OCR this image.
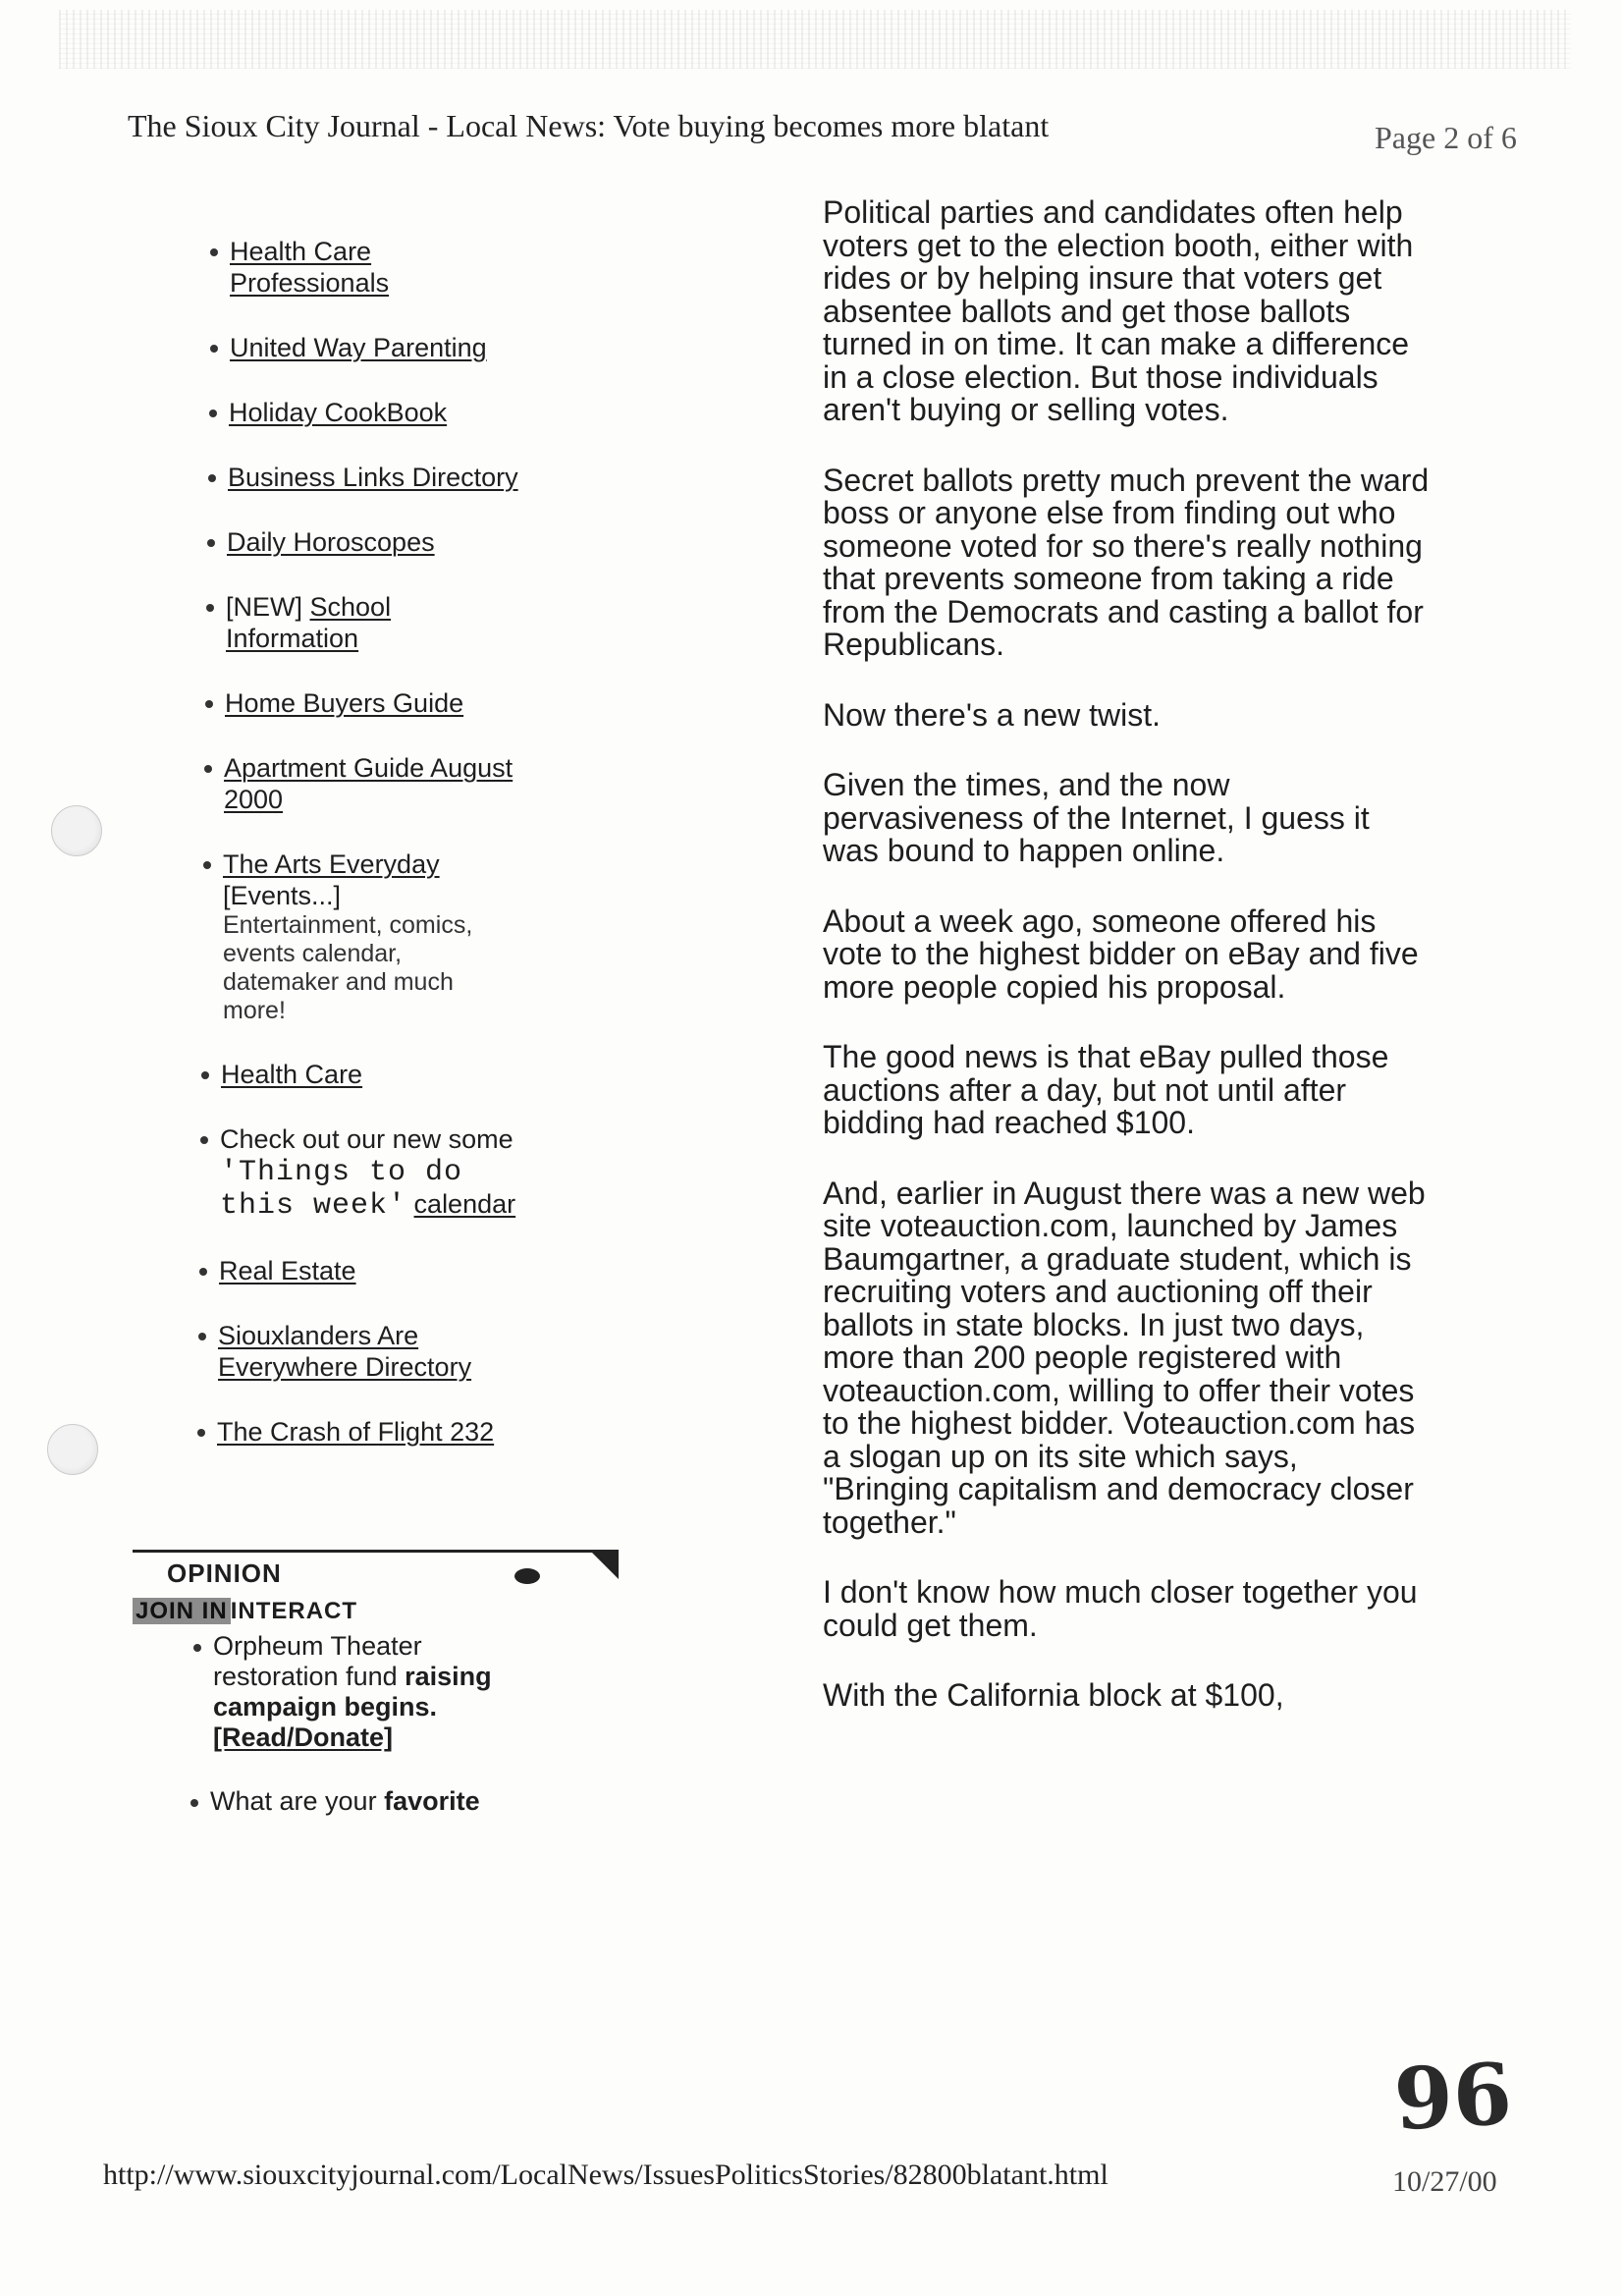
The Sioux City Journal - Local News: Vote buying becomes more blatant	Page 2 of 6
Health Care Professionals
United Way Parenting
Holiday CookBook
Business Links Directory
Daily Horoscopes
[NEW] School Information
Home Buyers Guide
Apartment Guide August 2000
The Arts Everyday
[Events...]
Entertainment, comics, events calendar, datemaker and much more!
Health Care
Check out our new some
'Things to do this week' calendar
Real Estate
Siouxlanders Are Everywhere Directory
The Crash of Flight 232
OPINION
JOIN IN INTERACT
Orpheum Theater restoration fund raising campaign begins.
[Read/Donate]
What are your favorite

Political parties and candidates often help voters get to the election booth, either with rides or by helping insure that voters get absentee ballots and get those ballots turned in on time. It can make a difference in a close election. But those individuals aren't buying or selling votes.

Secret ballots pretty much prevent the ward boss or anyone else from finding out who someone voted for so there's really nothing that prevents someone from taking a ride from the Democrats and casting a ballot for Republicans.

Now there's a new twist.

Given the times, and the now pervasiveness of the Internet, I guess it was bound to happen online.

About a week ago, someone offered his vote to the highest bidder on eBay and five more people copied his proposal.

The good news is that eBay pulled those auctions after a day, but not until after bidding had reached $100.

And, earlier in August there was a new web site voteauction.com, launched by James Baumgartner, a graduate student, which is recruiting voters and auctioning off their ballots in state blocks. In just two days, more than 200 people registered with voteauction.com, willing to offer their votes to the highest bidder. Voteauction.com has a slogan up on its site which says, "Bringing capitalism and democracy closer together."

I don't know how much closer together you could get them.

With the California block at $100,

96
http://www.siouxcityjournal.com/LocalNews/IssuesPoliticsStories/82800blatant.html	10/27/00
